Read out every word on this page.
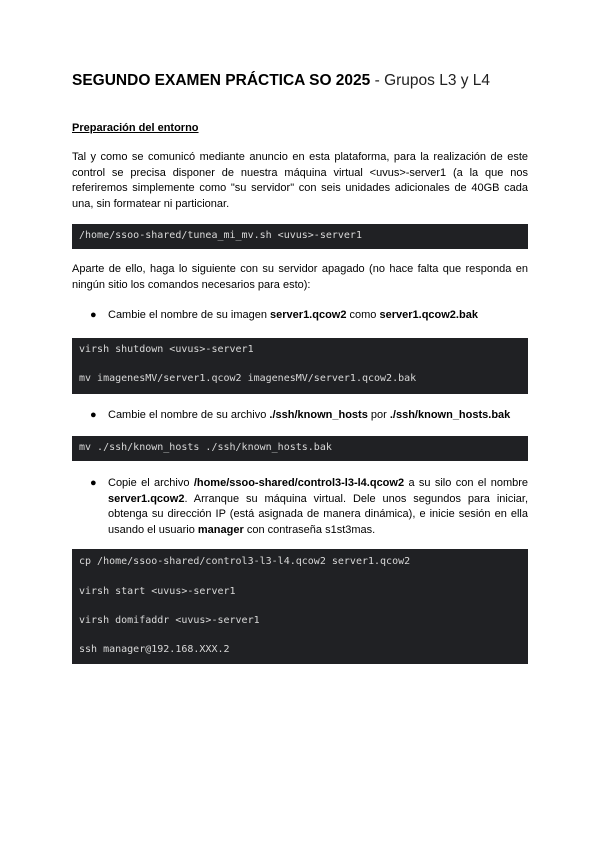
SEGUNDO EXAMEN PRÁCTICA SO 2025 - Grupos L3 y L4
Preparación del entorno
Tal y como se comunicó mediante anuncio en esta plataforma, para la realización de este control se precisa disponer de nuestra máquina virtual <uvus>-server1 (a la que nos referiremos simplemente como "su servidor" con seis unidades adicionales de 40GB cada una, sin formatear ni particionar.
/home/ssoo-shared/tunea_mi_mv.sh <uvus>-server1
Aparte de ello, haga lo siguiente con su servidor apagado (no hace falta que responda en ningún sitio los comandos necesarios para esto):
● Cambie el nombre de su imagen server1.qcow2 como server1.qcow2.bak
virsh shutdown <uvus>-server1
mv imagenesMV/server1.qcow2 imagenesMV/server1.qcow2.bak
● Cambie el nombre de su archivo ./ssh/known_hosts por ./ssh/known_hosts.bak
mv ./ssh/known_hosts ./ssh/known_hosts.bak
● Copie el archivo /home/ssoo-shared/control3-l3-l4.qcow2 a su silo con el nombre server1.qcow2. Arranque su máquina virtual. Dele unos segundos para iniciar, obtenga su dirección IP (está asignada de manera dinámica), e inicie sesión en ella usando el usuario manager con contraseña s1st3mas.
cp /home/ssoo-shared/control3-l3-l4.qcow2 server1.qcow2
virsh start <uvus>-server1
virsh domifaddr <uvus>-server1
ssh manager@192.168.XXX.2
